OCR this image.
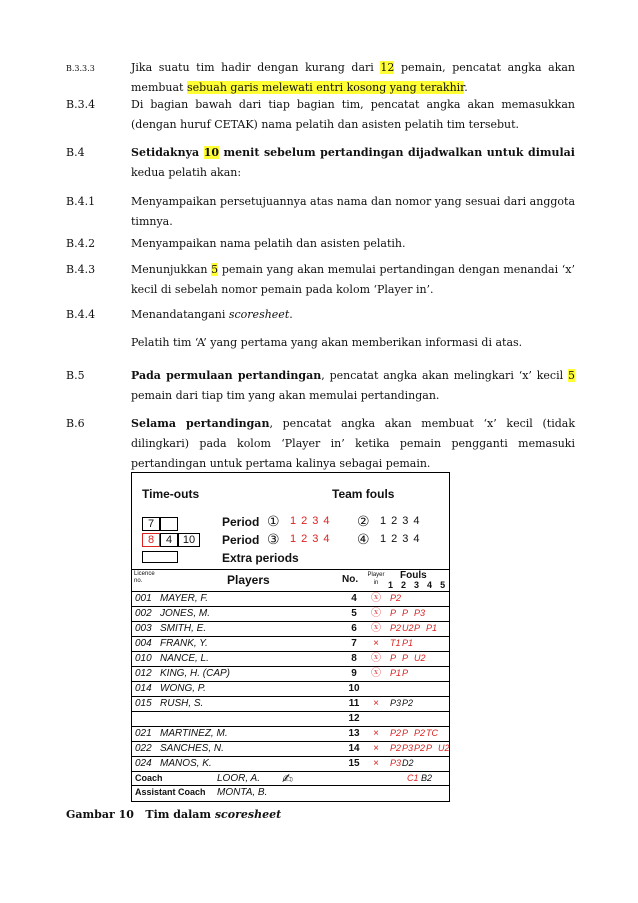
B.3.3.3	Jika suatu tim hadir dengan kurang dari 12 pemain, pencatat angka akan membuat sebuah garis melewati entri kosong yang terakhir.
B.3.4	Di bagian bawah dari tiap bagian tim, pencatat angka akan memasukkan (dengan huruf CETAK) nama pelatih dan asisten pelatih tim tersebut.
B.4	Setidaknya 10 menit sebelum pertandingan dijadwalkan untuk dimulai kedua pelatih akan:
B.4.1	Menyampaikan persetujuannya atas nama dan nomor yang sesuai dari anggota timnya.
B.4.2	Menyampaikan nama pelatih dan asisten pelatih.
B.4.3	Menunjukkan 5 pemain yang akan memulai pertandingan dengan menandai ‘x’ kecil di sebelah nomor pemain pada kolom ‘Player in’.
B.4.4	Menandatangani scoresheet.
Pelatih tim ‘A’ yang pertama yang akan memberikan informasi di atas.
B.5	Pada permulaan pertandingan, pencatat angka akan melingkari ‘x’ kecil 5 pemain dari tiap tim yang akan memulai pertandingan.
B.6	Selama pertandingan, pencatat angka akan membuat ‘x’ kecil (tidak dilingkari) pada kolom ‘Player in’ ketika pemain pengganti memasuki pertandingan untuk pertama kalinya sebagai pemain.
Time-outs	Team fouls
7
8	4 10
Period ① 1234 ② 1234
Period ③ 1234 ④ 1234
Extra periods
Licence no.	Players	No.	Player in
Fouls
12345
001 MAYER, F.	4	ⓧ P2
002 JONES, M.	5	ⓧ P P P3
003 SMITH, E.	6	ⓧ P2 U2 P P1
004 FRANK, Y.	7	×	T1 P1
010 NANCE, L.	8	ⓧ P P U2
012 KING, H. (CAP)	9	ⓧ P1 P
014 WONG, P.	10
015 RUSH, S.	11	×	P3 P2
12
021 MARTINEZ, M.	13	×	P2 P P2 TC
022 SANCHES, N.	14	×	P2 P3 P2 P U2
024 MANOS, K.	15	×	P3 D2
Coach	LOOR, A. ✍	C1 B2
Assistant Coach MONTA, B.
Gambar 10 Tim dalam scoresheet
